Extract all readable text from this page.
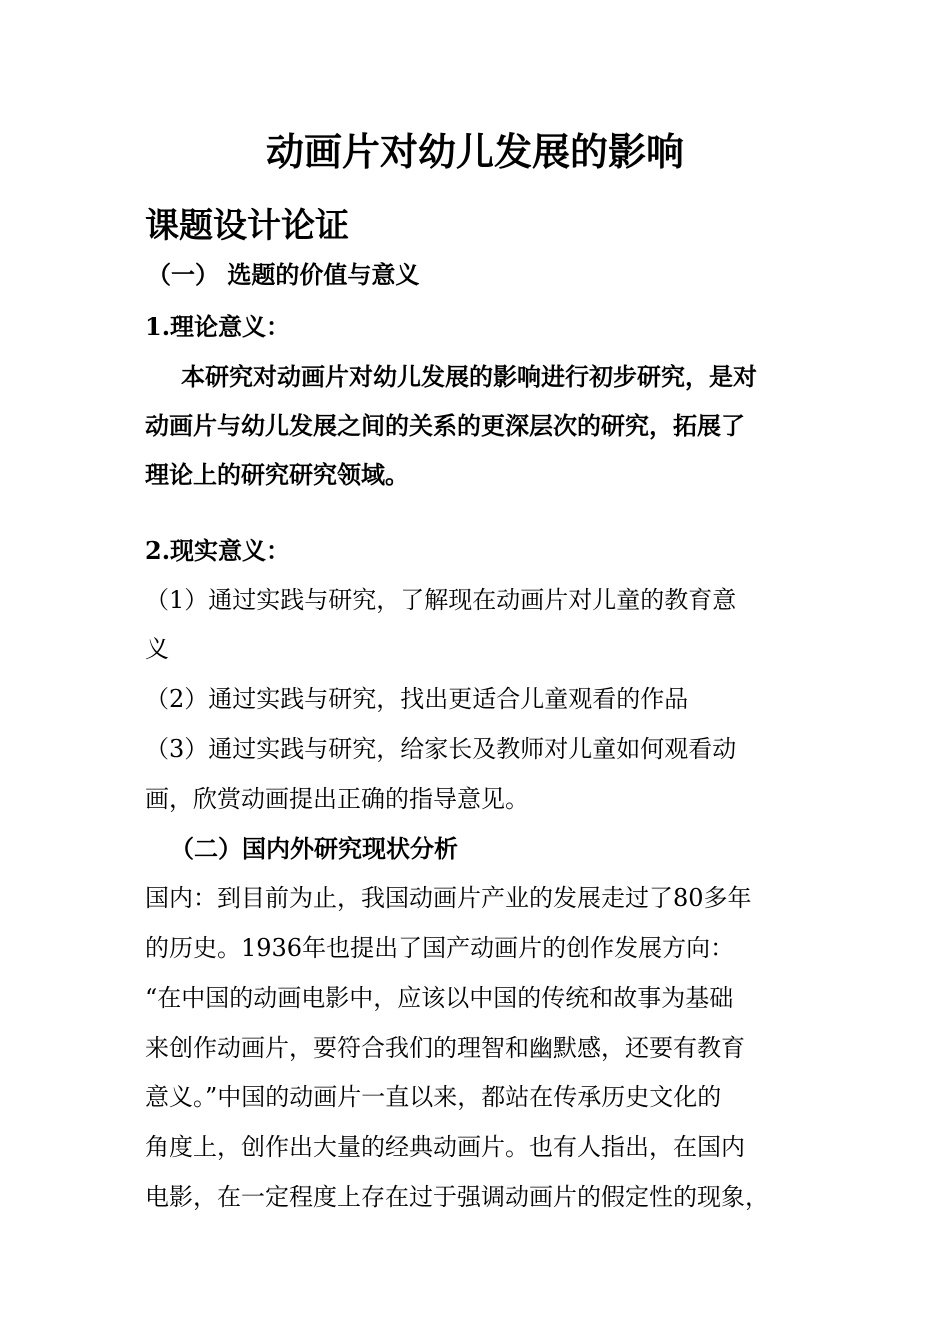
动画片对幼儿发展的影响
课题设计论证
（一） 选题的价值与意义
1.理论意义：
本研究对动画片对幼儿发展的影响进行初步研究，是对
动画片与幼儿发展之间的关系的更深层次的研究，拓展了
理论上的研究研究领域。
2.现实意义：
（1）通过实践与研究，了解现在动画片对儿童的教育意
义
（2）通过实践与研究，找出更适合儿童观看的作品
（3）通过实践与研究，给家长及教师对儿童如何观看动
画，欣赏动画提出正确的指导意见。
（二）国内外研究现状分析
国内：到目前为止，我国动画片产业的发展走过了80多年
的历史。1936年也提出了国产动画片的创作发展方向：
“在中国的动画电影中，应该以中国的传统和故事为基础
来创作动画片，要符合我们的理智和幽默感，还要有教育
意义。”中国的动画片一直以来，都站在传承历史文化的
角度上，创作出大量的经典动画片。也有人指出，在国内
电影，在一定程度上存在过于强调动画片的假定性的现象，
